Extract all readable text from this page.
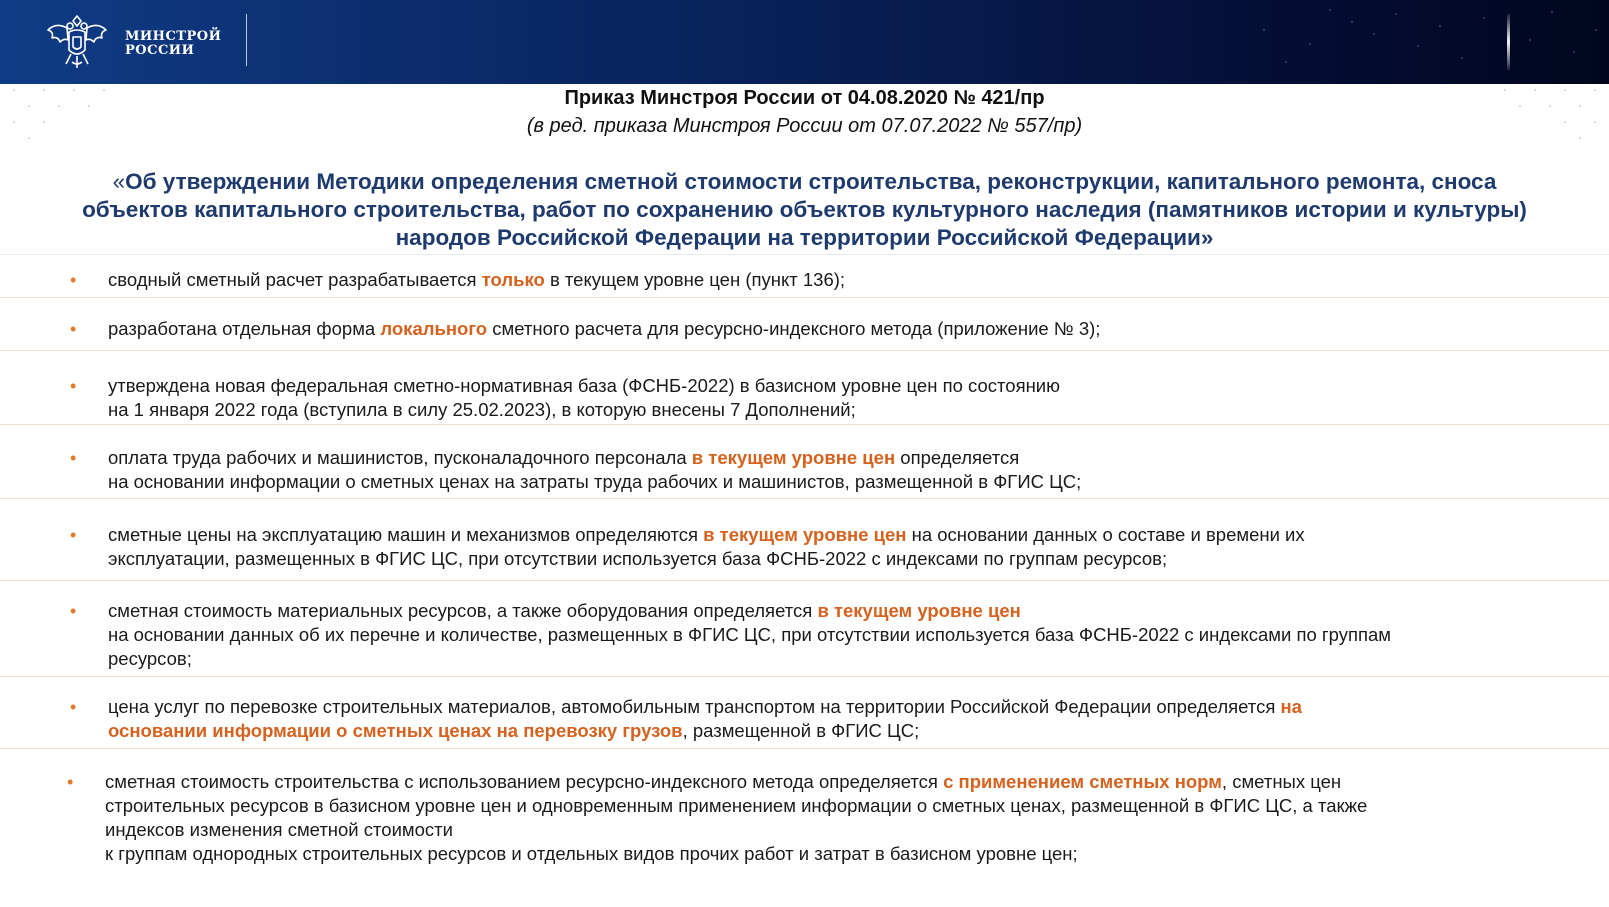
МИНСТРОЙ
РОССИИ
Приказ Минстроя России от 04.08.2020 № 421/пр
(в ред. приказа Минстроя России от 07.07.2022 № 557/пр)
«Об утверждении Методики определения сметной стоимости строительства, реконструкции, капитального ремонта, сноса
объектов капитального строительства, работ по сохранению объектов культурного наследия (памятников истории и культуры)
народов Российской Федерации на территории Российской Федерации»
• сводный сметный расчет разрабатывается только в текущем уровне цен (пункт 136);
• разработана отдельная форма локального сметного расчета для ресурсно-индексного метода (приложение № 3);
• утверждена новая федеральная сметно-нормативная база (ФСНБ-2022) в базисном уровне цен по состоянию
на 1 января 2022 года (вступила в силу 25.02.2023), в которую внесены 7 Дополнений;
• оплата труда рабочих и машинистов, пусконаладочного персонала в текущем уровне цен определяется
на основании информации о сметных ценах на затраты труда рабочих и машинистов, размещенной в ФГИС ЦС;
• сметные цены на эксплуатацию машин и механизмов определяются в текущем уровне цен на основании данных о составе и времени их
эксплуатации, размещенных в ФГИС ЦС, при отсутствии используется база ФСНБ-2022 с индексами по группам ресурсов;
• сметная стоимость материальных ресурсов, а также оборудования определяется в текущем уровне цен
на основании данных об их перечне и количестве, размещенных в ФГИС ЦС, при отсутствии используется база ФСНБ-2022 с индексами по группам
ресурсов;
• цена услуг по перевозке строительных материалов, автомобильным транспортом на территории Российской Федерации определяется на
основании информации о сметных ценах на перевозку грузов, размещенной в ФГИС ЦС;
• сметная стоимость строительства с использованием ресурсно-индексного метода определяется с применением сметных норм, сметных цен
строительных ресурсов в базисном уровне цен и одновременным применением информации о сметных ценах, размещенной в ФГИС ЦС, а также
индексов изменения сметной стоимости
к группам однородных строительных ресурсов и отдельных видов прочих работ и затрат в базисном уровне цен;
